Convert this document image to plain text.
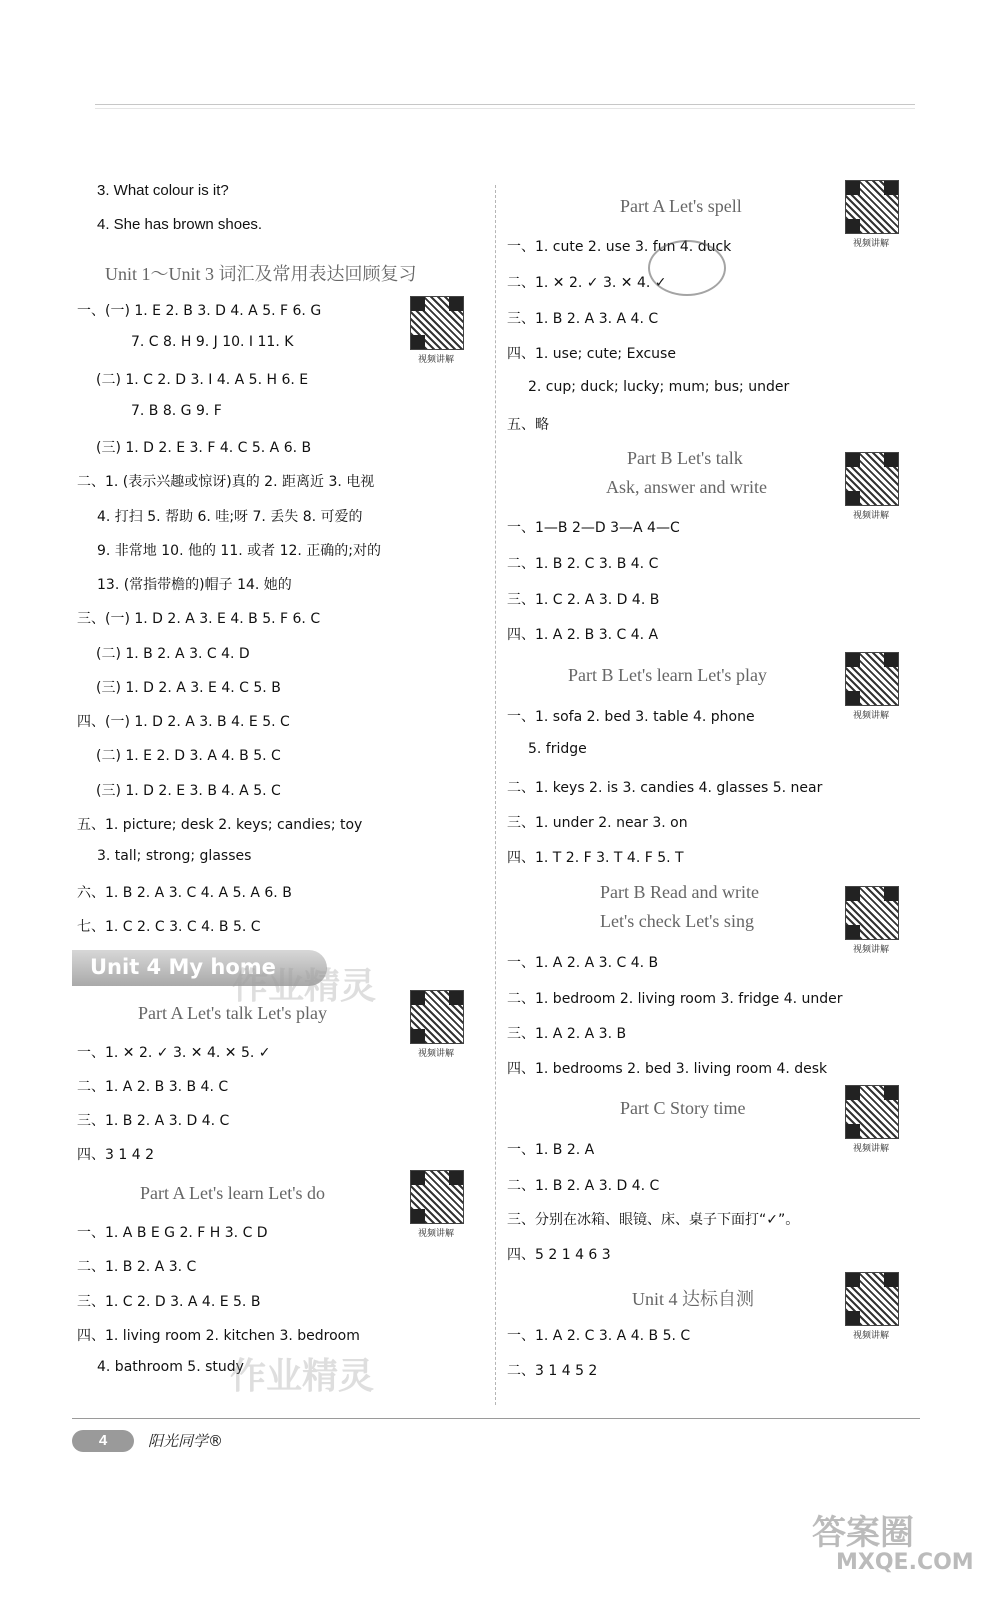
3. What colour is it?
4. She has brown shoes.
Unit 1～Unit 3 词汇及常用表达回顾复习
一、(一) 1. E 2. B 3. D 4. A 5. F 6. G
7. C 8. H 9. J 10. I 11. K
(二) 1. C 2. D 3. I 4. A 5. H 6. E
7. B 8. G 9. F
(三) 1. D 2. E 3. F 4. C 5. A 6. B
二、1. (表示兴趣或惊讶)真的 2. 距离近 3. 电视
4. 打扫 5. 帮助 6. 哇;呀 7. 丢失 8. 可爱的
9. 非常地 10. 他的 11. 或者 12. 正确的;对的
13. (常指带檐的)帽子 14. 她的
三、(一) 1. D 2. A 3. E 4. B 5. F 6. C
(二) 1. B 2. A 3. C 4. D
(三) 1. D 2. A 3. E 4. C 5. B
四、(一) 1. D 2. A 3. B 4. E 5. C
(二) 1. E 2. D 3. A 4. B 5. C
(三) 1. D 2. E 3. B 4. A 5. C
五、1. picture; desk 2. keys; candies; toy
3. tall; strong; glasses
六、1. B 2. A 3. C 4. A 5. A 6. B
七、1. C 2. C 3. C 4. B 5. C
Unit 4 My home
Part A Let's talk Let's play
一、1. ✕ 2. ✓ 3. ✕ 4. ✕ 5. ✓
二、1. A 2. B 3. B 4. C
三、1. B 2. A 3. D 4. C
四、3 1 4 2
Part A Let's learn Let's do
一、1. A B E G 2. F H 3. C D
二、1. B 2. A 3. C
三、1. C 2. D 3. A 4. E 5. B
四、1. living room 2. kitchen 3. bedroom
4. bathroom 5. study
视频讲解
视频讲解
视频讲解
Part A Let's spell
一、1. cute 2. use 3. fun 4. duck
二、1. ✕ 2. ✓ 3. ✕ 4. ✓
三、1. B 2. A 3. A 4. C
四、1. use; cute; Excuse
2. cup; duck; lucky; mum; bus; under
五、略
Part B Let's talk
Ask, answer and write
一、1—B 2—D 3—A 4—C
二、1. B 2. C 3. B 4. C
三、1. C 2. A 3. D 4. B
四、1. A 2. B 3. C 4. A
Part B Let's learn Let's play
一、1. sofa 2. bed 3. table 4. phone
5. fridge
二、1. keys 2. is 3. candies 4. glasses 5. near
三、1. under 2. near 3. on
四、1. T 2. F 3. T 4. F 5. T
Part B Read and write
Let's check Let's sing
一、1. A 2. A 3. C 4. B
二、1. bedroom 2. living room 3. fridge 4. under
三、1. A 2. A 3. B
四、1. bedrooms 2. bed 3. living room 4. desk
Part C Story time
一、1. B 2. A
二、1. B 2. A 3. D 4. C
三、分别在冰箱、眼镜、床、桌子下面打“✓”。
四、5 2 1 4 6 3
Unit 4 达标自测
一、1. A 2. C 3. A 4. B 5. C
二、3 1 4 5 2
视频讲解
视频讲解
视频讲解
视频讲解
视频讲解
视频讲解
作业精灵
作业精灵
4	阳光同学®
答案圈
MXQE.COM
